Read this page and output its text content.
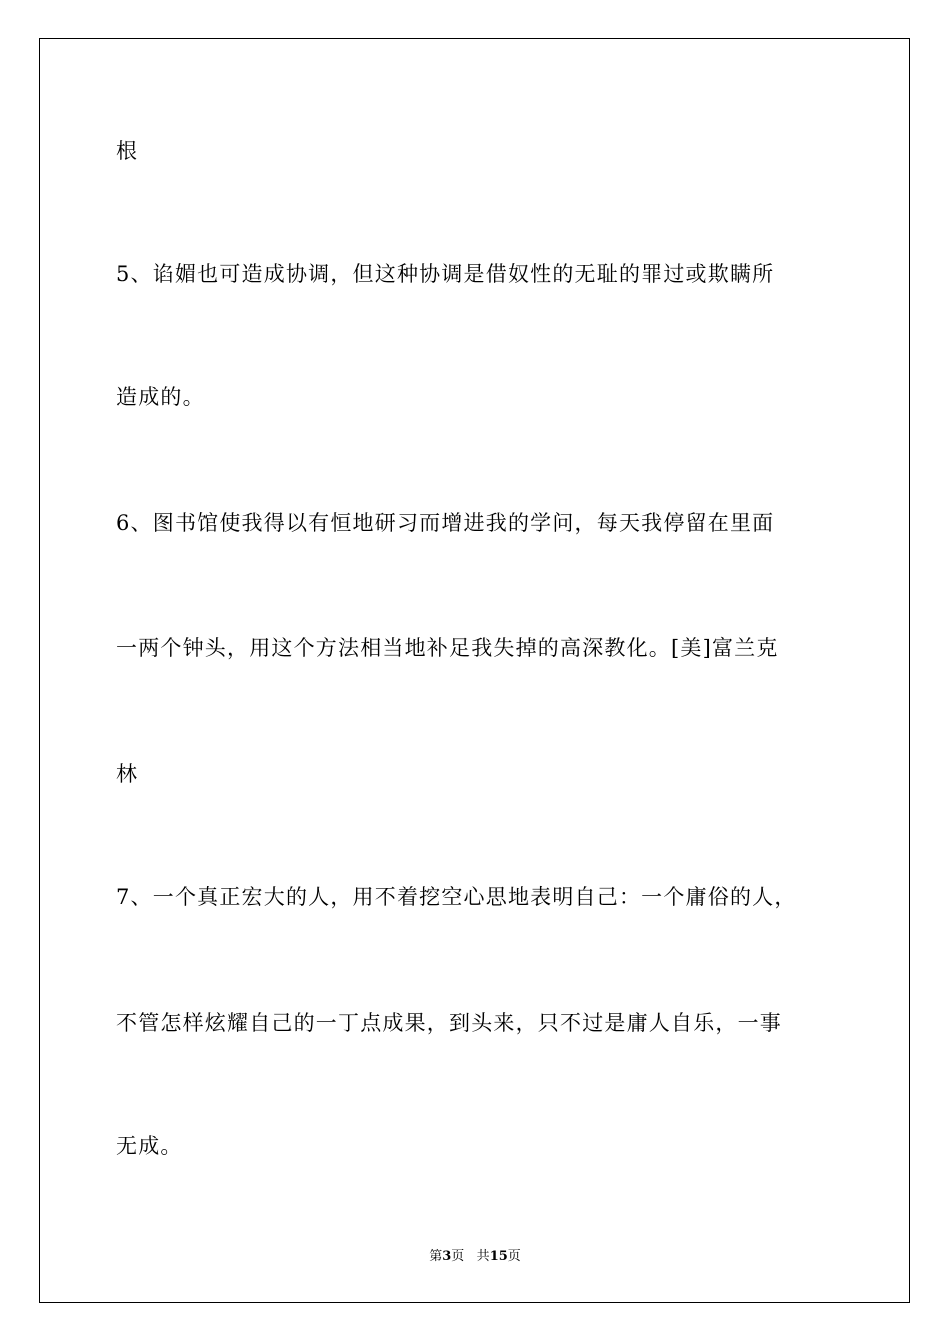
根
5、谄媚也可造成协调，但这种协调是借奴性的无耻的罪过或欺瞒所
造成的。
6、图书馆使我得以有恒地研习而增进我的学问，每天我停留在里面
一两个钟头，用这个方法相当地补足我失掉的高深教化。[美]富兰克
林
7、一个真正宏大的人，用不着挖空心思地表明自己：一个庸俗的人，
不管怎样炫耀自己的一丁点成果，到头来，只不过是庸人自乐，一事
无成。
第3页 共15页
